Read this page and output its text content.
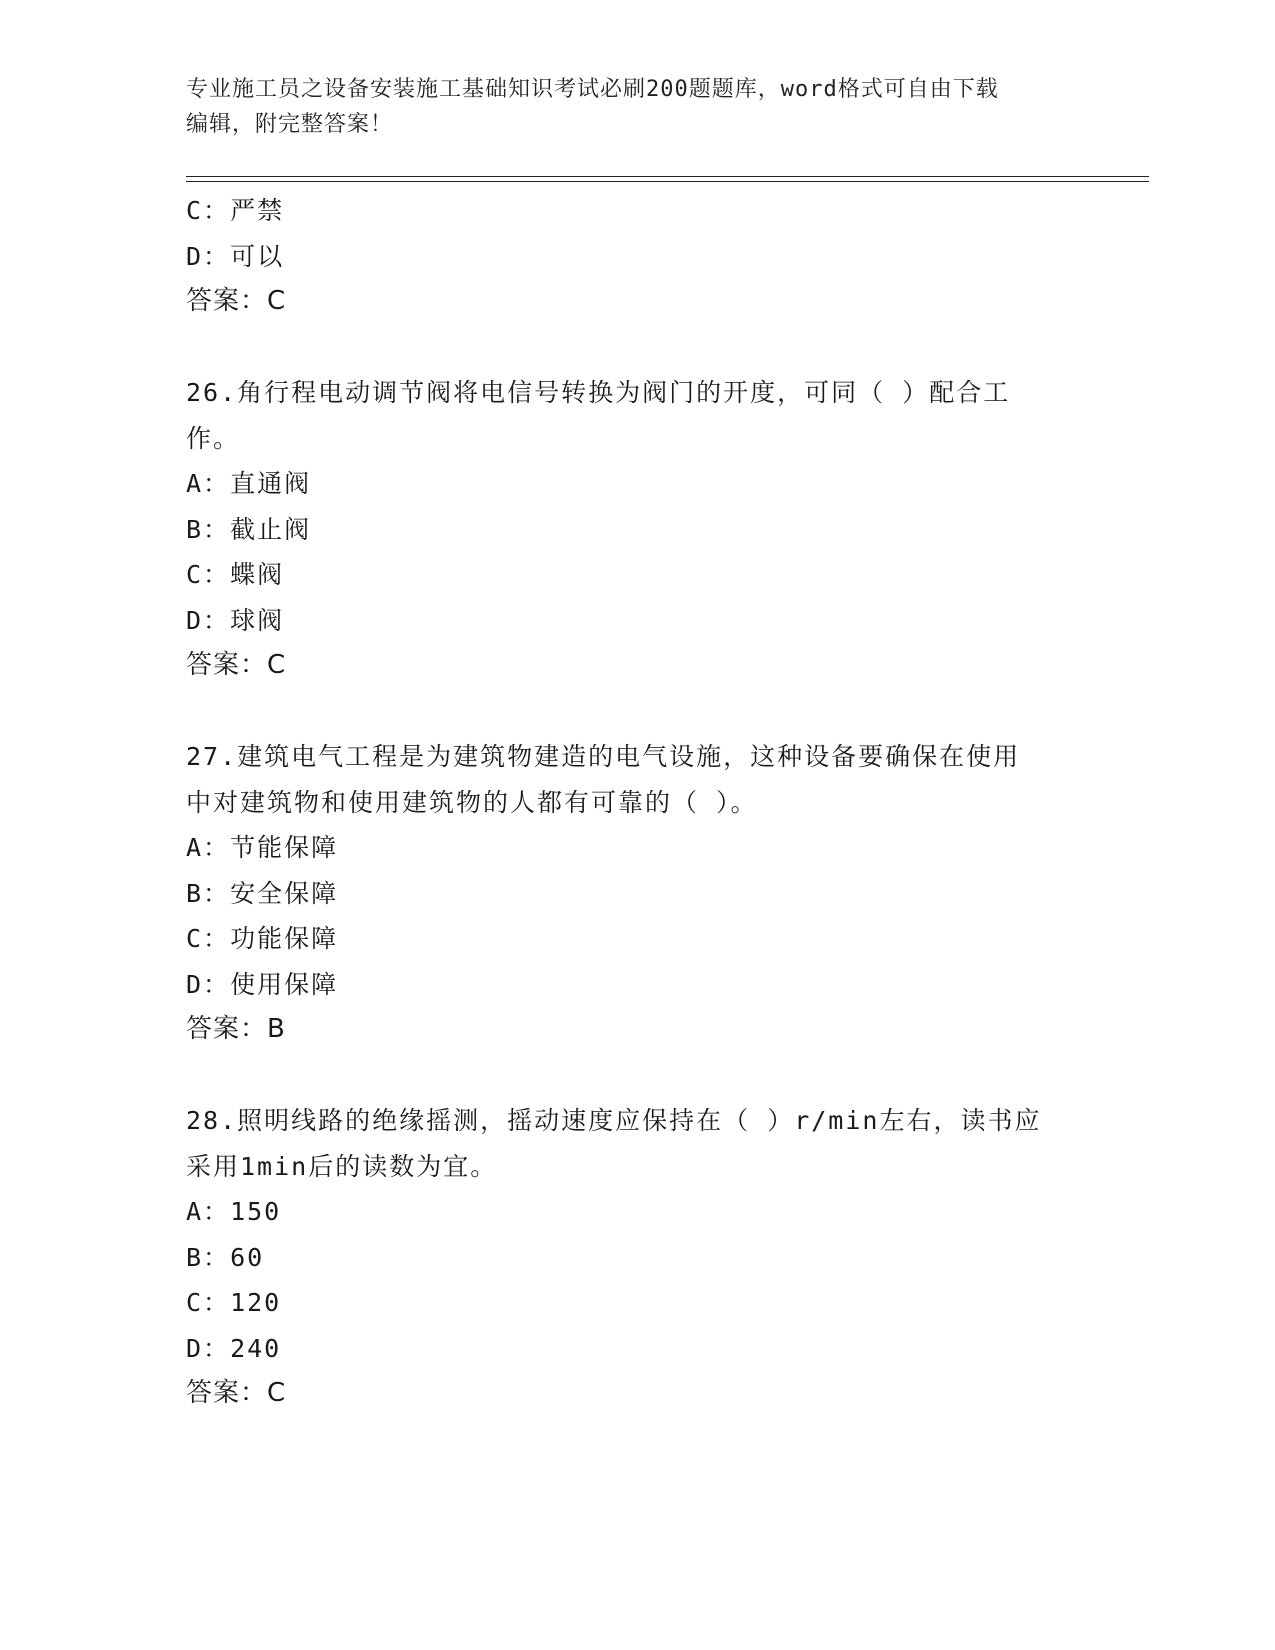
专业施工员之设备安装施工基础知识考试必刷200题题库，word格式可自由下载
编辑，附完整答案！
C：严禁
D：可以
答案：C
26.角行程电动调节阀将电信号转换为阀门的开度，可同（ ）配合工
作。
A：直通阀
B：截止阀
C：蝶阀
D：球阀
答案：C
27.建筑电气工程是为建筑物建造的电气设施，这种设备要确保在使用
中对建筑物和使用建筑物的人都有可靠的（ ）。
A：节能保障
B：安全保障
C：功能保障
D：使用保障
答案：B
28.照明线路的绝缘摇测，摇动速度应保持在（ ）r/min左右，读书应
采用1min后的读数为宜。
A：150
B：60
C：120
D：240
答案：C
